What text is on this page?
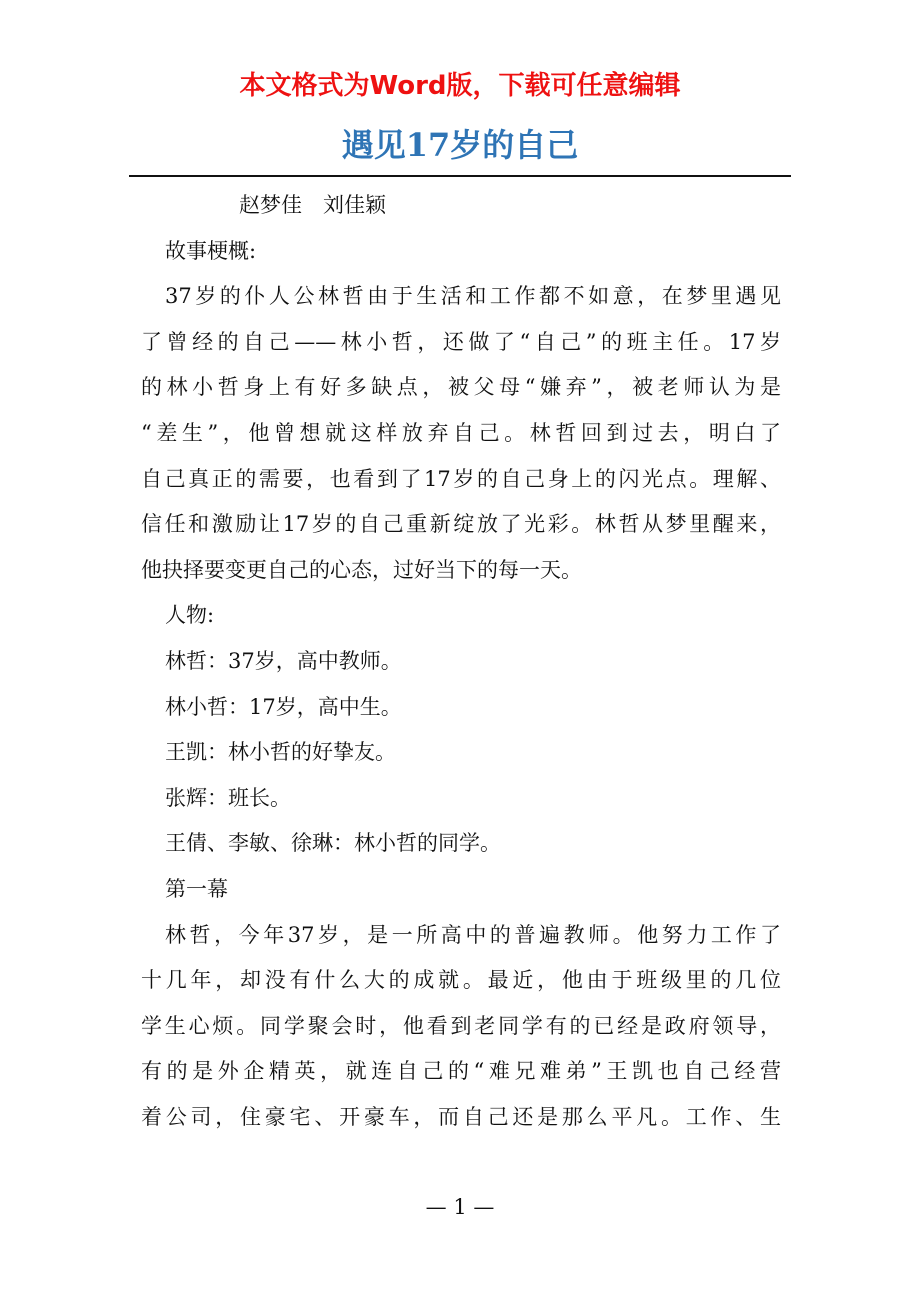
本文格式为Word版，下载可任意编辑
遇见17岁的自己
赵梦佳　刘佳颖
故事梗概:
37岁的仆人公林哲由于生活和工作都不如意，在梦里遇见
了曾经的自己——林小哲，还做了“自己”的班主任。17岁
的林小哲身上有好多缺点，被父母“嫌弃”，被老师认为是
“差生”，他曾想就这样放弃自己。林哲回到过去，明白了
自己真正的需要，也看到了17岁的自己身上的闪光点。理解、
信任和激励让17岁的自己重新绽放了光彩。林哲从梦里醒来，
他抉择要变更自己的心态，过好当下的每一天。
人物:
林哲：37岁，高中教师。
林小哲：17岁，高中生。
王凯：林小哲的好挚友。
张辉：班长。
王倩、李敏、徐琳：林小哲的同学。
第一幕
林哲，今年37岁，是一所高中的普遍教师。他努力工作了
十几年，却没有什么大的成就。最近，他由于班级里的几位
学生心烦。同学聚会时，他看到老同学有的已经是政府领导，
有的是外企精英，就连自己的“难兄难弟”王凯也自己经营
着公司，住豪宅、开豪车，而自己还是那么平凡。工作、生
— 1 —
